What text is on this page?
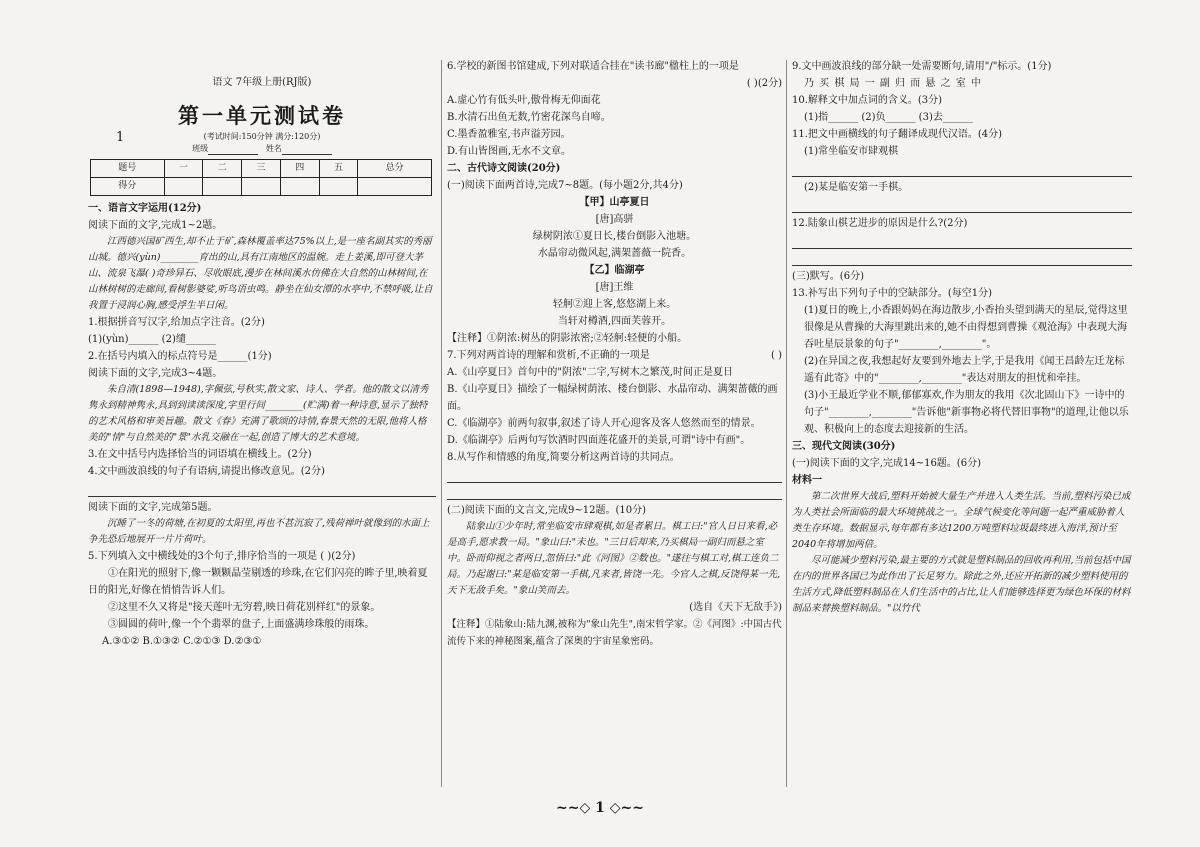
1

语文 7年级上册(RJ版)

第一单元测试卷

(考试时间:150分钟 满分:120分)

班级	姓名

题号	一	二	三	四	五	总分
得分						

一、语言文字运用(12分)

阅读下面的文字,完成1~2题。

江西德兴国矿西生,却不止于矿,森林覆盖率达75%以上,是一座名副其实的秀丽山城。德兴(yùn)________育出的山,具有江南地区的温婉。走上姜溪,即可登大茅山、流泉飞瀑( )奇珍异石、尽收眼底,漫步在林间溪水仿佛在大自然的山林树间,在山林树树的走廊间,看树影婆娑,听鸟语虫鸣。静坐在仙女潭的水亭中,不禁呼吸,让自我置于浸润心胸,感受浮生半日闲。

1.根据拼音写汉字,给加点字注音。(2分)

(1)(yùn)______ (2)缱______

2.在括号内填入的标点符号是______(1分)

阅读下面的文字,完成3~4题。

朱自清(1898—1948),字佩弦,号秋实,散文家、诗人、学者。他的散文以清秀隽永到精神隽永,具到到读读深度,字里行间________(贮满)着一种诗意,显示了独特的艺术风格和审美旨趣。散文《春》充满了歌颂的诗情,春景天然的无限,他将人格美的"情"与自然美的"景"水乳交融在一起,创造了博大的艺术意境。

3.在文中括号内选择恰当的词语填在横线上。(2分)

4.文中画波浪线的句子有语病,请提出修改意见。(2分)

阅读下面的文字,完成第5题。

沉睡了一冬的荷塘,在初夏的太阳里,再也不甚沉寂了,残荷禅叶就像到的水面上争先恐后地展开一片片荷叶。

5.下列填入文中横线处的3个句子,排序恰当的一项是 ( )(2分)

①在阳光的照射下,像一颗颗晶莹剔透的珍珠,在它们闪亮的眸子里,映着夏日的阳光,好像在悄悄告诉人们。

②这里不久又将是"接天莲叶无穷碧,映日荷花别样红"的景象。

③圆圆的荷叶,像一个个翡翠的盘子,上面盛满珍珠般的雨珠。

A.③①② B.①③② C.②①③ D.②③①

6.学校的新图书馆建成,下列对联适合挂在"读书廊"楹柱上的一项是

( )(2分)

A.虚心竹有低头叶,傲骨梅无仰面花

B.水清石出鱼无数,竹密花深鸟自啼。

C.墨香盈雅室,书声溢芳园。

D.有山皆图画,无水不文章。

二、古代诗文阅读(20分)

(一)阅读下面两首诗,完成7~8题。(每小题2分,共4分)

【甲】山亭夏日

[唐]高骈

绿树阴浓①夏日长,楼台倒影入池塘。

水晶帘动微风起,满架蔷薇一院香。

【乙】临湖亭

[唐]王维

轻舸②迎上客,悠悠湖上来。

当轩对樽酒,四面芙蓉开。

【注释】①阴浓:树丛的阴影浓密;②轻舸:轻便的小船。

7.下列对两首诗的理解和赏析,不正确的一项是	( )

A.《山亭夏日》首句中的"阴浓"二字,写树木之繁茂,时间正是夏日

B.《山亭夏日》描绘了一幅绿树荫浓、楼台倒影、水晶帘动、满架蔷薇的画面。

C.《临湖亭》前两句叙事,叙述了诗人开心迎客及客人悠然而至的情景。

D.《临湖亭》后两句写饮酒时四面莲花盛开的美景,可谓"诗中有画"。

8.从写作和情感的角度,简要分析这两首诗的共同点。

(二)阅读下面的文言文,完成9~12题。(10分)

陆象山①少年时,常坐临安市肆观棋,如是者累日。棋工曰:"官人日日来看,必是高手,愿求教一局。"象山曰:"未也。"三日后却来,乃买棋局一副归而悬之室中。卧而仰视之者两日,忽悟曰:"此《河图》②数也。"遂往与棋工对,棋工连负二局。乃起谢曰:"某是临安第一手棋,凡来者,皆饶一先。今官人之棋,反饶得某一先,天下无敌手矣。"象山笑而去。

(选自《天下无敌手》)

【注释】①陆象山:陆九渊,被称为"象山先生",南宋哲学家。②《河图》:中国古代流传下来的神秘图案,蕴含了深奥的宇宙星象密码。

9.文中画波浪线的部分缺一处需要断句,请用"/"标示。(1分)

乃 买 棋 局 一 副 归 而 悬 之 室 中

10.解释文中加点词的含义。(3分)

(1)指______ (2)负______ (3)去______

11.把文中画横线的句子翻译成现代汉语。(4分)

(1)常坐临安市肆观棋

(2)某是临安第一手棋。

12.陆象山棋艺进步的原因是什么?(2分)

(三)默写。(6分)

13.补写出下列句子中的空缺部分。(每空1分)

(1)夏日的晚上,小香跟妈妈在海边散步,小香抬头望到满天的星辰,觉得这里很像是从曹操的大海里跳出来的,她不由得想到曹操《观沧海》中表现大海吞吐星辰景象的句子"________,________"。

(2)在异国之夜,我想起好友要到外地去上学,于是我用《闻王昌龄左迁龙标遥有此寄》中的"________,________"表达对朋友的担忧和牵挂。

(3)小王最近学业不顺,郁郁寡欢,作为朋友的我用《次北固山下》一诗中的句子"________,________"告诉他"新事物必将代替旧事物"的道理,让他以乐观、积极向上的态度去迎接新的生活。

三、现代文阅读(30分)

(一)阅读下面的文字,完成14~16题。(6分)

材料一

第二次世界大战后,塑料开始被大量生产并进入人类生活。当前,塑料污染已成为人类社会所面临的最大环境挑战之一。全球气候变化等问题一起严重威胁着人类生存环境。数据显示,每年都有多达1200万吨塑料垃圾最终进入海洋,预计至2040年将增加两倍。

尽可能减少塑料污染,最主要的方式就是塑料制品的回收再利用,当前包括中国在内的世界各国已为此作出了长足努力。除此之外,还应开拓新的减少塑料使用的生活方式,降低塑料制品在人们生活中的占比,让人们能够选择更为绿色环保的材料制品来替换塑料制品。"以竹代

~~◇ 1 ◇~~
